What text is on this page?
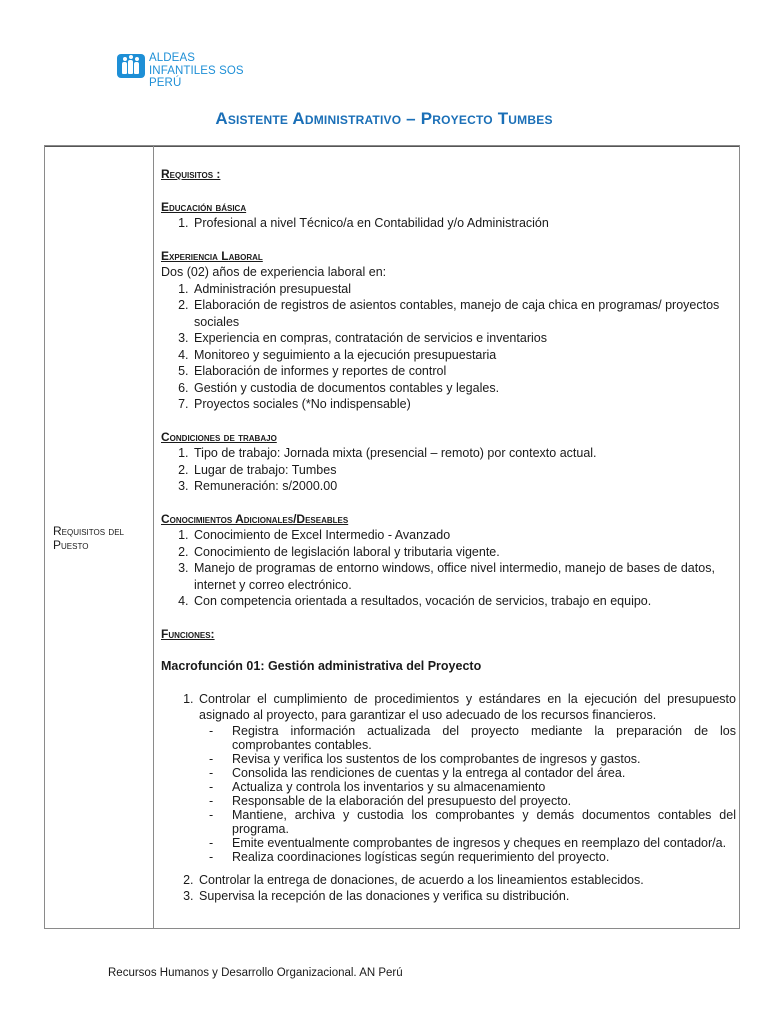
ALDEAS
INFANTILES SOS
PERÚ
Asistente Administrativo – Proyecto Tumbes
Requisitos del
Puesto
Requisitos :
Educación básica
1. Profesional a nivel Técnico/a en Contabilidad y/o Administración
Experiencia Laboral
Dos (02) años de experiencia laboral en:
1. Administración presupuestal
2. Elaboración de registros de asientos contables, manejo de caja chica en programas/ proyectos sociales
3. Experiencia en compras, contratación de servicios e inventarios
4. Monitoreo y seguimiento a la ejecución presupuestaria
5. Elaboración de informes y reportes de control
6. Gestión y custodia de documentos contables y legales.
7. Proyectos sociales (*No indispensable)
Condiciones de trabajo
1. Tipo de trabajo: Jornada mixta (presencial – remoto) por contexto actual.
2. Lugar de trabajo: Tumbes
3. Remuneración: s/2000.00
Conocimientos Adicionales/Deseables
1. Conocimiento de Excel Intermedio - Avanzado
2. Conocimiento de legislación laboral y tributaria vigente.
3. Manejo de programas de entorno windows, office nivel intermedio, manejo de bases de datos, internet y correo electrónico.
4. Con competencia orientada a resultados, vocación de servicios, trabajo en equipo.
Funciones:
Macrofunción 01: Gestión administrativa del Proyecto
1. Controlar el cumplimiento de procedimientos y estándares en la ejecución del presupuesto asignado al proyecto, para garantizar el uso adecuado de los recursos financieros.
-	Registra información actualizada del proyecto mediante la preparación de los comprobantes contables.
-	Revisa y verifica los sustentos de los comprobantes de ingresos y gastos.
-	Consolida las rendiciones de cuentas y la entrega al contador del área.
-	Actualiza y controla los inventarios y su almacenamiento
-	Responsable de la elaboración del presupuesto del proyecto.
-	Mantiene, archiva y custodia los comprobantes y demás documentos contables del programa.
-	Emite eventualmente comprobantes de ingresos y cheques en reemplazo del contador/a.
-	Realiza coordinaciones logísticas según requerimiento del proyecto.
2. Controlar la entrega de donaciones, de acuerdo a los lineamientos establecidos.
3. Supervisa la recepción de las donaciones y verifica su distribución.
Recursos Humanos y Desarrollo Organizacional. AN Perú
